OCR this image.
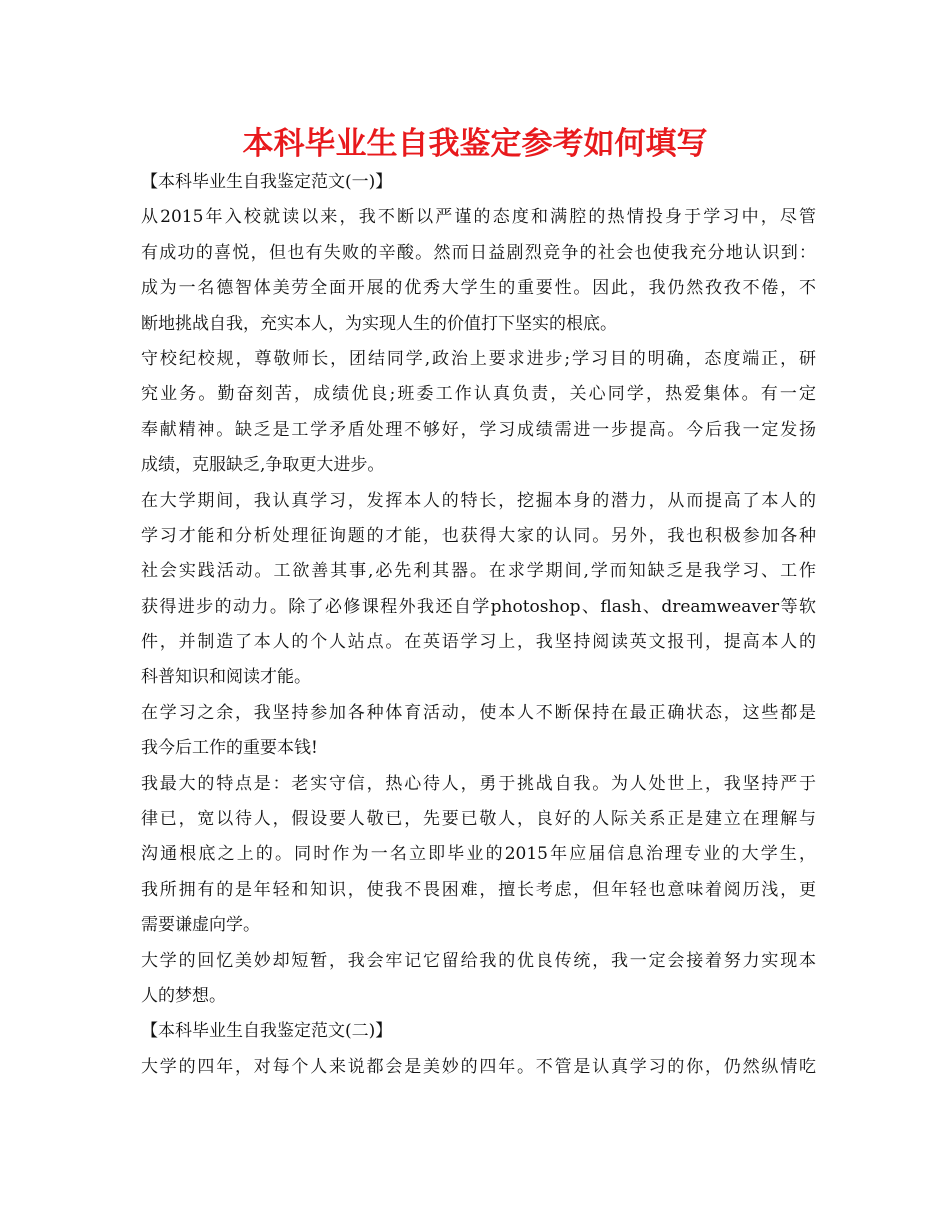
本科毕业生自我鉴定参考如何填写
【本科毕业生自我鉴定范文(一)】
从2015年入校就读以来，我不断以严谨的态度和满腔的热情投身于学习中，尽管
有成功的喜悦，但也有失败的辛酸。然而日益剧烈竞争的社会也使我充分地认识到：
成为一名德智体美劳全面开展的优秀大学生的重要性。因此，我仍然孜孜不倦，不
断地挑战自我，充实本人，为实现人生的价值打下坚实的根底。
守校纪校规，尊敬师长，团结同学,政治上要求进步;学习目的明确，态度端正，研
究业务。勤奋刻苦，成绩优良;班委工作认真负责，关心同学，热爱集体。有一定
奉献精神。缺乏是工学矛盾处理不够好，学习成绩需进一步提高。今后我一定发扬
成绩，克服缺乏,争取更大进步。
在大学期间，我认真学习，发挥本人的特长，挖掘本身的潜力，从而提高了本人的
学习才能和分析处理征询题的才能，也获得大家的认同。另外，我也积极参加各种
社会实践活动。工欲善其事,必先利其器。在求学期间,学而知缺乏是我学习、工作
获得进步的动力。除了必修课程外我还自学photoshop、flash、dreamweaver等软
件，并制造了本人的个人站点。在英语学习上，我坚持阅读英文报刊，提高本人的
科普知识和阅读才能。
在学习之余，我坚持参加各种体育活动，使本人不断保持在最正确状态，这些都是
我今后工作的重要本钱!
我最大的特点是：老实守信，热心待人，勇于挑战自我。为人处世上，我坚持严于
律已，宽以待人，假设要人敬已，先要已敬人，良好的人际关系正是建立在理解与
沟通根底之上的。同时作为一名立即毕业的2015年应届信息治理专业的大学生，
我所拥有的是年轻和知识，使我不畏困难，擅长考虑，但年轻也意味着阅历浅，更
需要谦虚向学。
大学的回忆美妙却短暂，我会牢记它留给我的优良传统，我一定会接着努力实现本
人的梦想。
【本科毕业生自我鉴定范文(二)】
大学的四年，对每个人来说都会是美妙的四年。不管是认真学习的你，仍然纵情吃
